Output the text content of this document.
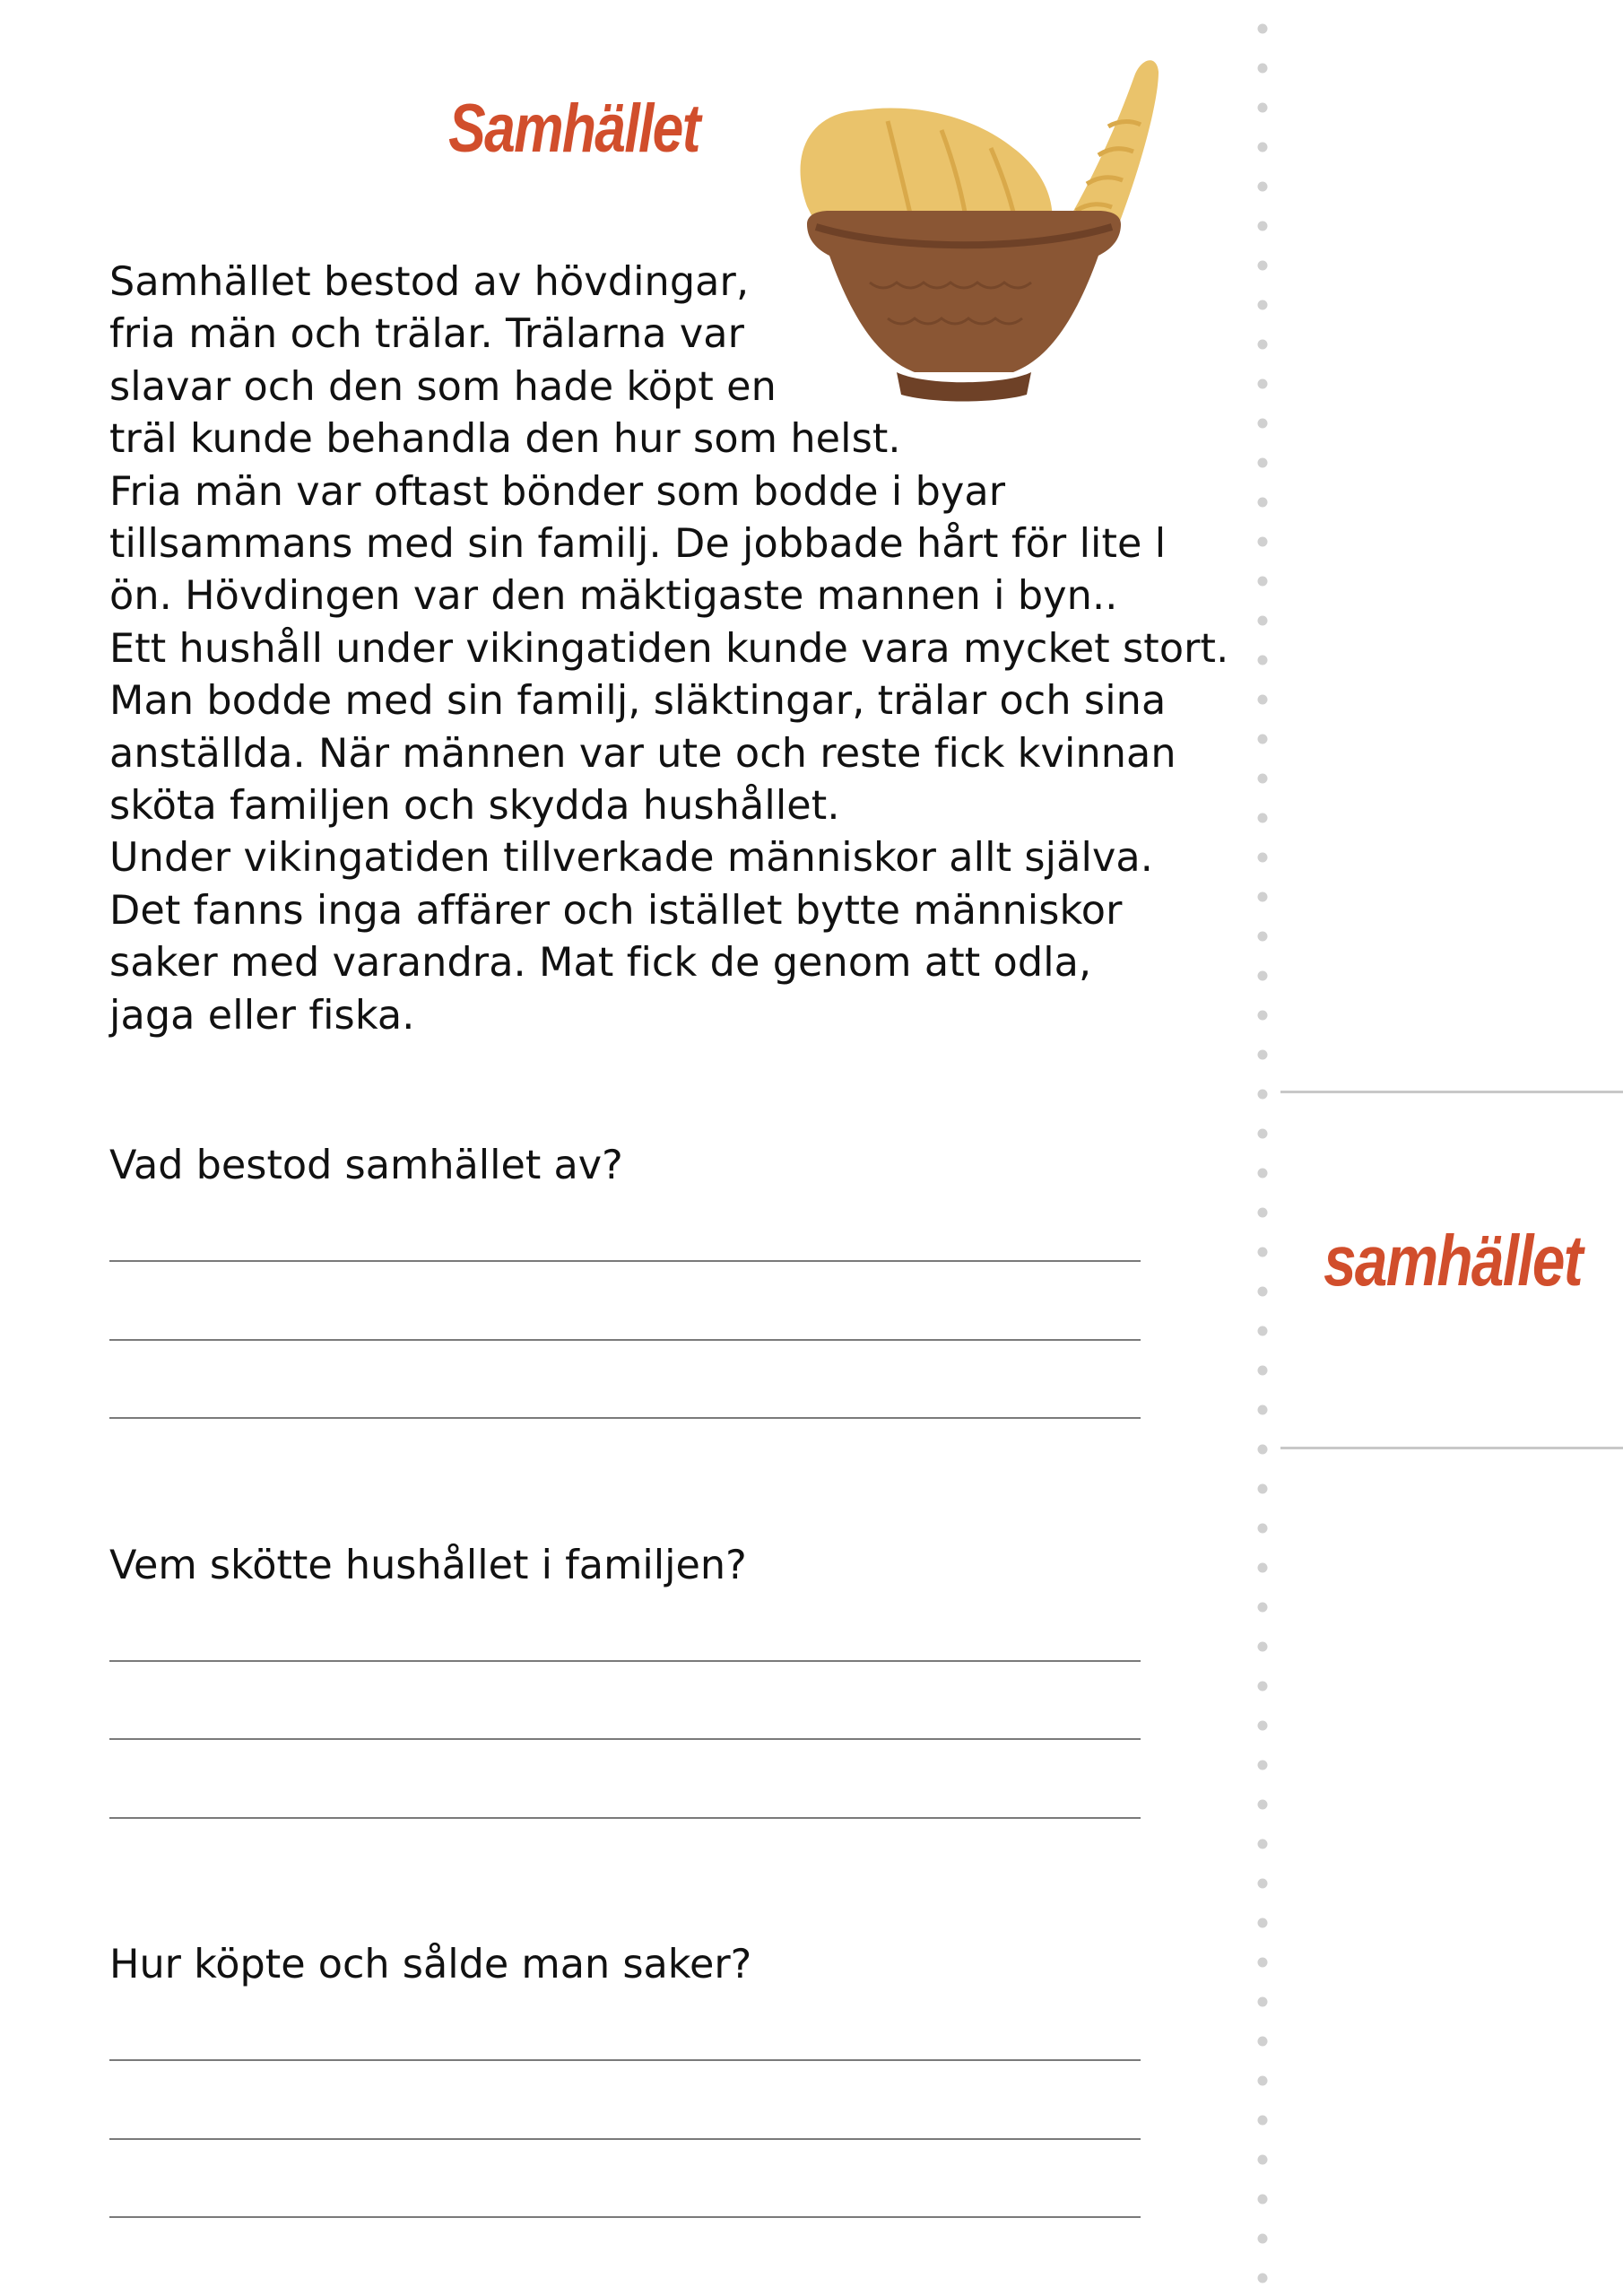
Samhället
Samhället bestod av hövdingar,
fria män och trälar. Trälarna var
slavar och den som hade köpt en
träl kunde behandla den hur som helst.
Fria män var oftast bönder som bodde i byar
tillsammans med sin familj. De jobbade hårt för lite l
ön. Hövdingen var den mäktigaste mannen i byn..
Ett hushåll under vikingatiden kunde vara mycket stort.
Man bodde med sin familj, släktingar, trälar och sina
anställda. När männen var ute och reste fick kvinnan
sköta familjen och skydda hushållet.
Under vikingatiden tillverkade människor allt själva.
Det fanns inga affärer och istället bytte människor
saker med varandra. Mat fick de genom att odla,
jaga eller fiska.

Vad bestod samhället av?

Vem skötte hushållet i familjen?

Hur köpte och sålde man saker?

samhället
